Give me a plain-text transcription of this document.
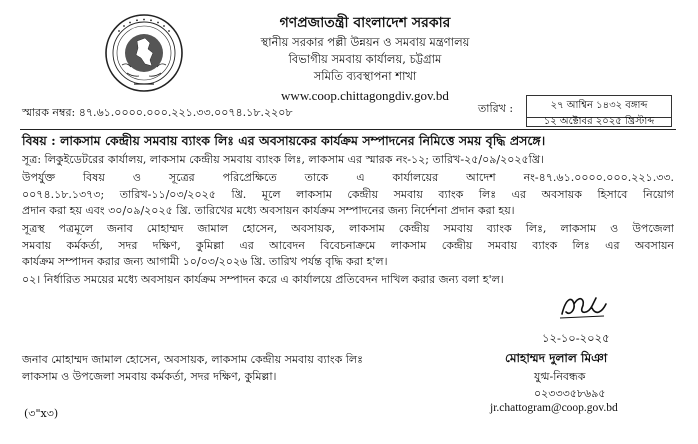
গণপ্রজাতন্ত্রী বাংলাদেশ সরকার
স্থানীয় সরকার পল্লী উন্নয়ন ও সমবায় মন্ত্রণালয়
বিভাগীয় সমবায় কার্যালয়, চট্টগ্রাম
সমিতি ব্যবস্থাপনা শাখা
www.coop.chittagongdiv.gov.bd
স্মারক নম্বর: ৪৭.৬১.০০০০.০০০.২২১.৩৩.০০৭৪.১৮.২২০৮	তারিখ :	২৭ আশ্বিন ১৪৩২ বঙ্গাব্দ
১২ অক্টোবর ২০২৫ খ্রিস্টাব্দ
বিষয় : লাকসাম কেন্দ্রীয় সমবায় ব্যাংক লিঃ এর অবসায়কের কার্যক্রম সম্পাদনের নিমিত্তে সময় বৃদ্ধি প্রসঙ্গে।
সূত্র: লিকুইডেটরের কার্যালয়, লাকসাম কেন্দ্রীয় সমবায় ব্যাংক লিঃ, লাকসাম এর স্মারক নং-১২; তারিখ-২৫/০৯/২০২৫খ্রি।
উপর্যুক্ত বিষয় ও সূত্রের পরিপ্রেক্ষিতে তাকে এ কার্যালয়ের আদেশ নং-৪৭.৬১.০০০০.০০০.২২১.৩৩.
০০৭৪.১৮.১৩৭৩; তারিখ-১১/০৩/২০২৫ খ্রি. মূলে লাকসাম কেন্দ্রীয় সমবায় ব্যাংক লিঃ এর অবসায়ক হিসাবে নিয়োগ
প্রদান করা হয় এবং ৩০/০৯/২০২৫ খ্রি. তারিখের মধ্যে অবসায়ন কার্যক্রম সম্পাদনের জন্য নির্দেশনা প্রদান করা হয়।
সূত্রস্থ পত্রমূলে জনাব মোহাম্মদ জামাল হোসেন, অবসায়ক, লাকসাম কেন্দ্রীয় সমবায় ব্যাংক লিঃ, লাকসাম ও উপজেলা
সমবায় কর্মকর্তা, সদর দক্ষিণ, কুমিল্লা এর আবেদন বিবেচনাক্রমে লাকসাম কেন্দ্রীয় সমবায় ব্যাংক লিঃ এর অবসায়ন
কার্যক্রম সম্পাদন করার জন্য আগামী ১০/০৩/২০২৬ খ্রি. তারিখ পর্যন্ত বৃদ্ধি করা হ'ল।
০২। নির্ধারিত সময়ের মধ্যে অবসায়ন কার্যক্রম সম্পাদন করে এ কার্যালয়ে প্রতিবেদন দাখিল করার জন্য বলা হ'ল।
১২-১০-২০২৫
মোহাম্মদ দুলাল মিঞা
যুগ্ম-নিবন্ধক
০২৩৩৩৫৮৬৯৫
jr.chattogram@coop.gov.bd
জনাব মোহাম্মদ জামাল হোসেন, অবসায়ক, লাকসাম কেন্দ্রীয় সমবায় ব্যাংক লিঃ
লাকসাম ও উপজেলা সমবায় কর্মকর্তা, সদর দক্ষিণ, কুমিল্লা।
(৩"x৩)
